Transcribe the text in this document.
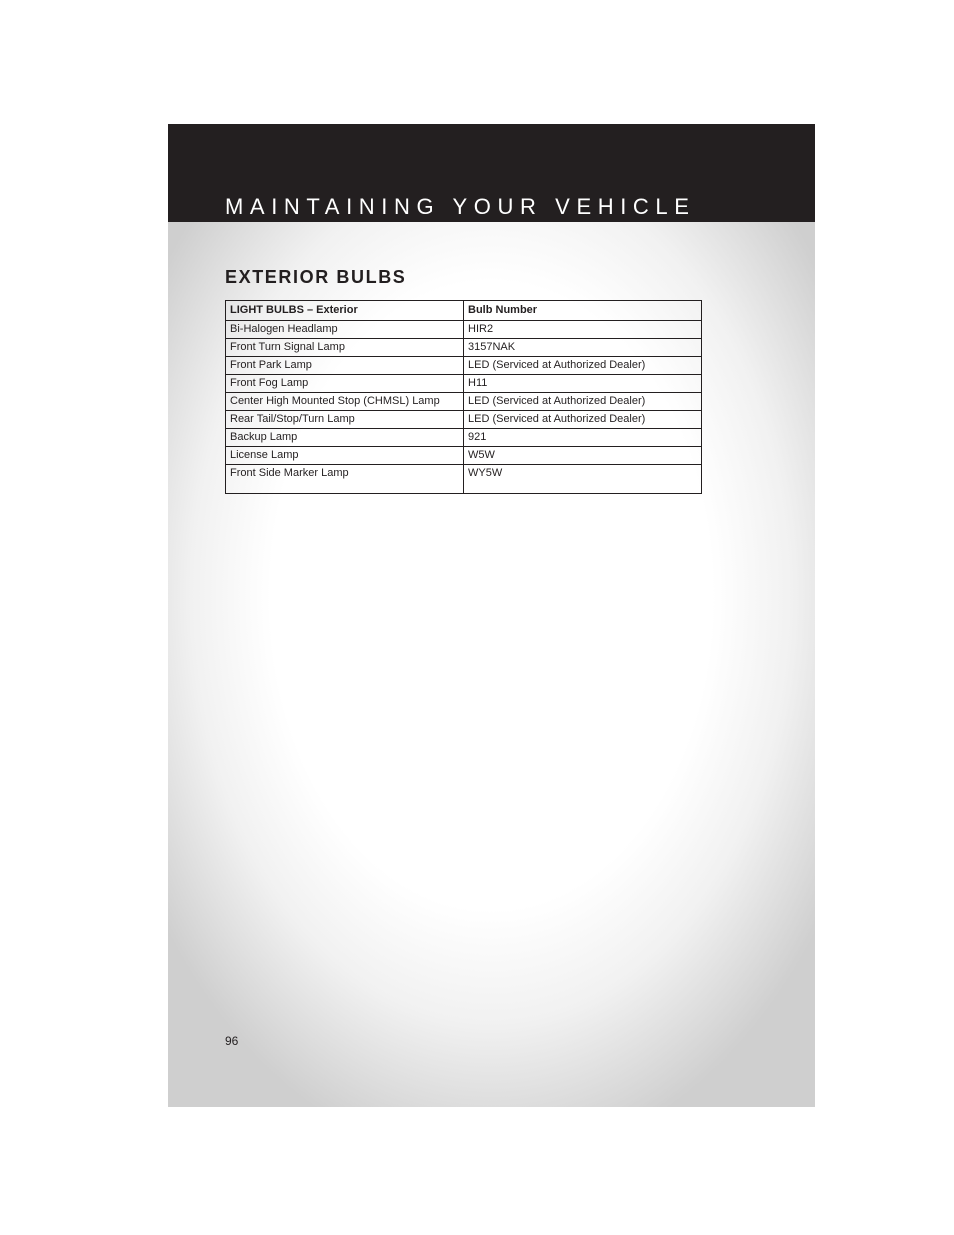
MAINTAINING YOUR VEHICLE
EXTERIOR BULBS
LIGHT BULBS – Exterior	Bulb Number
Bi-Halogen Headlamp	HIR2
Front Turn Signal Lamp	3157NAK
Front Park Lamp	LED (Serviced at Authorized Dealer)
Front Fog Lamp	H11
Center High Mounted Stop (CHMSL) Lamp	LED (Serviced at Authorized Dealer)
Rear Tail/Stop/Turn Lamp	LED (Serviced at Authorized Dealer)
Backup Lamp	921
License Lamp	W5W
Front Side Marker Lamp	WY5W
96
